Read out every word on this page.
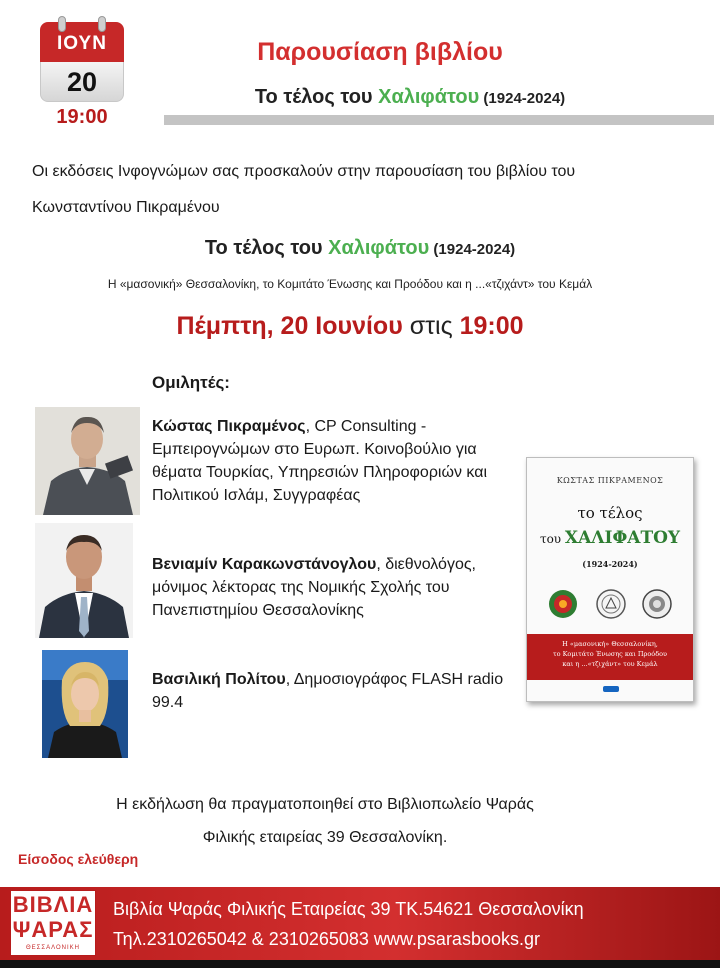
ΙΟΥΝ
20
19:00
Παρουσίαση βιβλίου
Το τέλος του Χαλιφάτου (1924-2024)
Οι εκδόσεις Ινφογνώμων σας προσκαλούν στην παρουσίαση του βιβλίου του
Κωνσταντίνου Πικραμένου
Το τέλος του Χαλιφάτου (1924-2024)
Η «μασονική» Θεσσαλονίκη, το Κομιτάτο Ένωσης και Προόδου και η ...«τζιχάντ» του Κεμάλ
Πέμπτη, 20 Ιουνίου στις 19:00
Ομιλητές:
Κώστας Πικραμένος, CP Consulting - Εμπειρογνώμων στο Ευρωπ. Κοινοβούλιο για θέματα Τουρκίας, Υπηρεσιών Πληροφοριών και Πολιτικού Ισλάμ, Συγγραφέας
Βενιαμίν Καρακωνστάνογλου, διεθνολόγος, μόνιμος λέκτορας της Νομικής Σχολής του Πανεπιστημίου Θεσσαλονίκης
Βασιλική Πολίτου, Δημοσιογράφος FLASH radio 99.4
ΚΩΣΤΑΣ ΠΙΚΡΑΜΕΝΟΣ
το τέλος
του ΧΑΛΙΦΑΤΟΥ
(1924-2024)
Η «μασονική» Θεσσαλονίκη,
το Κομιτάτο Ένωσης και Προόδου
και η ...«τζιχάντ» του Κεμάλ
Η εκδήλωση θα πραγματοποιηθεί στο Βιβλιοπωλείο Ψαράς
Φιλικής εταιρείας 39 Θεσσαλονίκη.
Είσοδος ελεύθερη
ΒΙΒΛΙΑ
ΨΑΡΑΣ
ΘΕΣΣΑΛΟΝΙΚΗ
Βιβλία Ψαράς Φιλικής Εταιρείας 39 ΤΚ.54621 Θεσσαλονίκη
Τηλ.2310265042 & 2310265083 www.psarasbooks.gr
